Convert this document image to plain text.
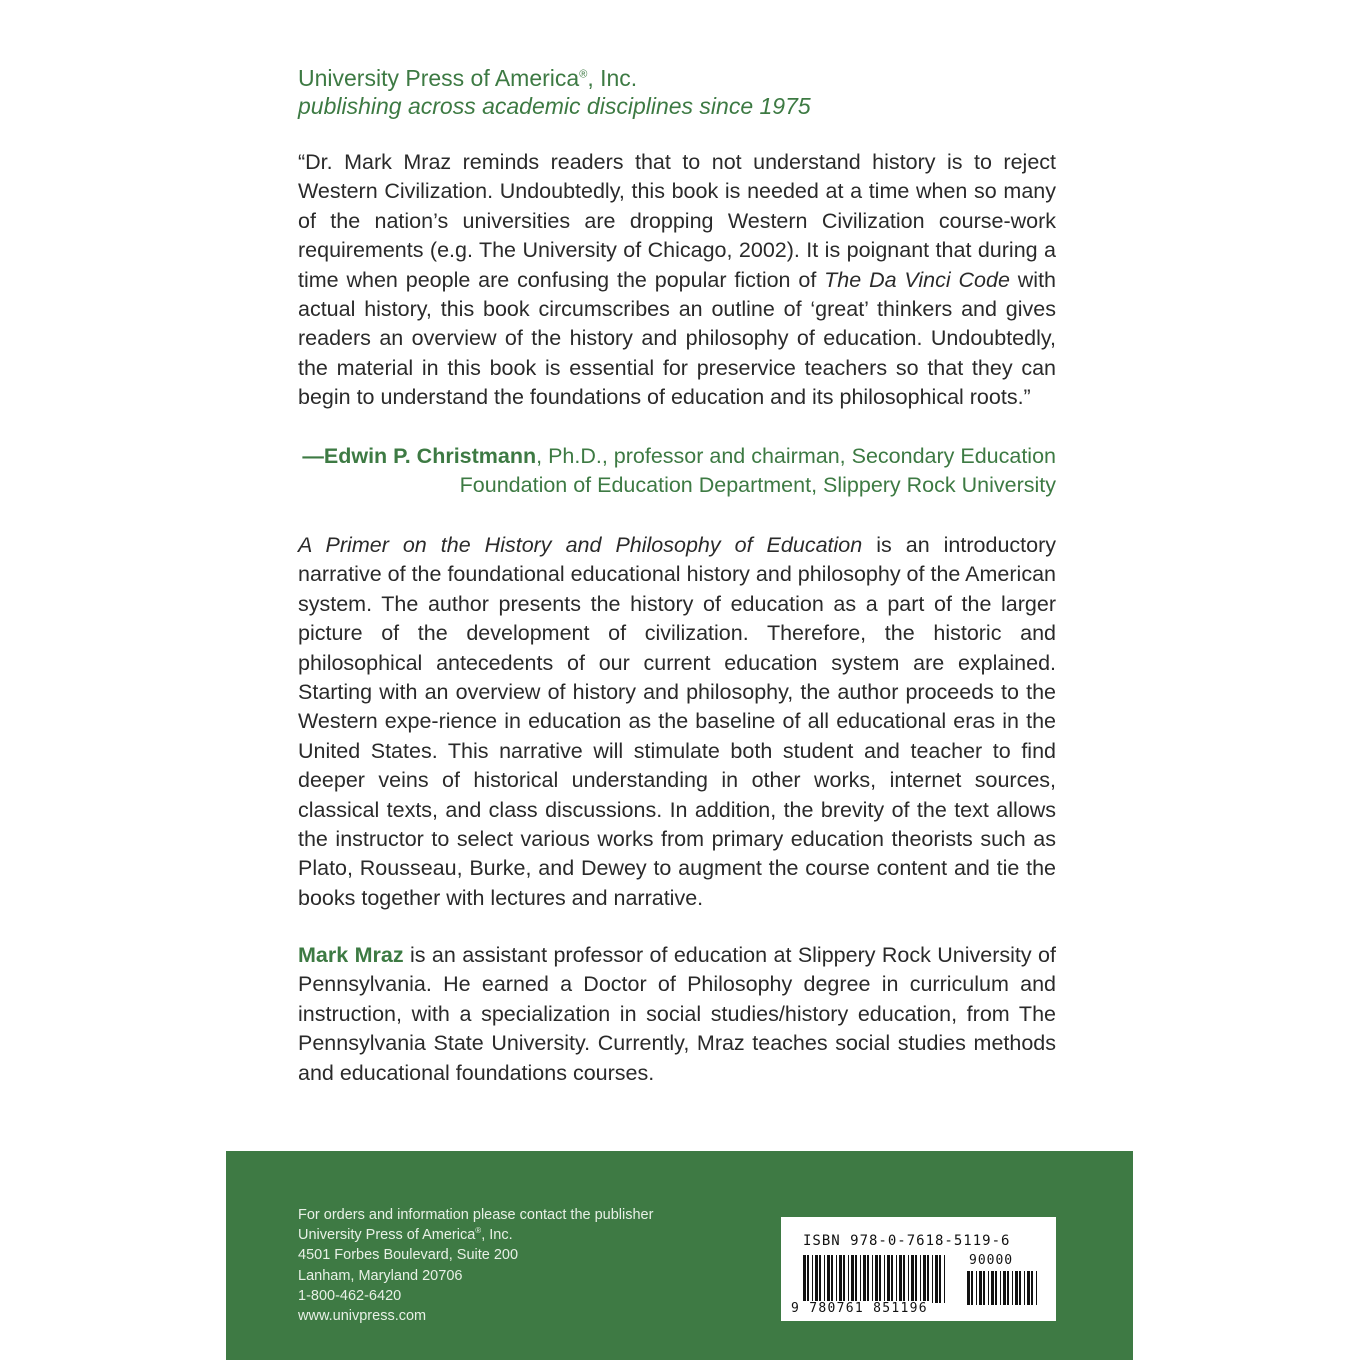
University Press of America®, Inc.
publishing across academic disciplines since 1975
“Dr. Mark Mraz reminds readers that to not understand history is to reject Western Civilization. Undoubtedly, this book is needed at a time when so many of the nation’s universities are dropping Western Civilization course-work requirements (e.g. The University of Chicago, 2002). It is poignant that during a time when people are confusing the popular fiction of The Da Vinci Code with actual history, this book circumscribes an outline of ‘great’ thinkers and gives readers an overview of the history and philosophy of education. Undoubtedly, the material in this book is essential for preservice teachers so that they can begin to understand the foundations of education and its philosophical roots.”
—Edwin P. Christmann, Ph.D., professor and chairman, Secondary Education Foundation of Education Department, Slippery Rock University
A Primer on the History and Philosophy of Education is an introductory narrative of the foundational educational history and philosophy of the American system. The author presents the history of education as a part of the larger picture of the development of civilization. Therefore, the historic and philosophical antecedents of our current education system are explained. Starting with an overview of history and philosophy, the author proceeds to the Western expe-rience in education as the baseline of all educational eras in the United States. This narrative will stimulate both student and teacher to find deeper veins of historical understanding in other works, internet sources, classical texts, and class discussions. In addition, the brevity of the text allows the instructor to select various works from primary education theorists such as Plato, Rousseau, Burke, and Dewey to augment the course content and tie the books together with lectures and narrative.
Mark Mraz is an assistant professor of education at Slippery Rock University of Pennsylvania. He earned a Doctor of Philosophy degree in curriculum and instruction, with a specialization in social studies/history education, from The Pennsylvania State University. Currently, Mraz teaches social studies methods and educational foundations courses.
For orders and information please contact the publisher
University Press of America®, Inc.
4501 Forbes Boulevard, Suite 200
Lanham, Maryland 20706
1-800-462-6420
www.univpress.com
ISBN 978-0-7618-5119-6
90000
9 780761 851196
